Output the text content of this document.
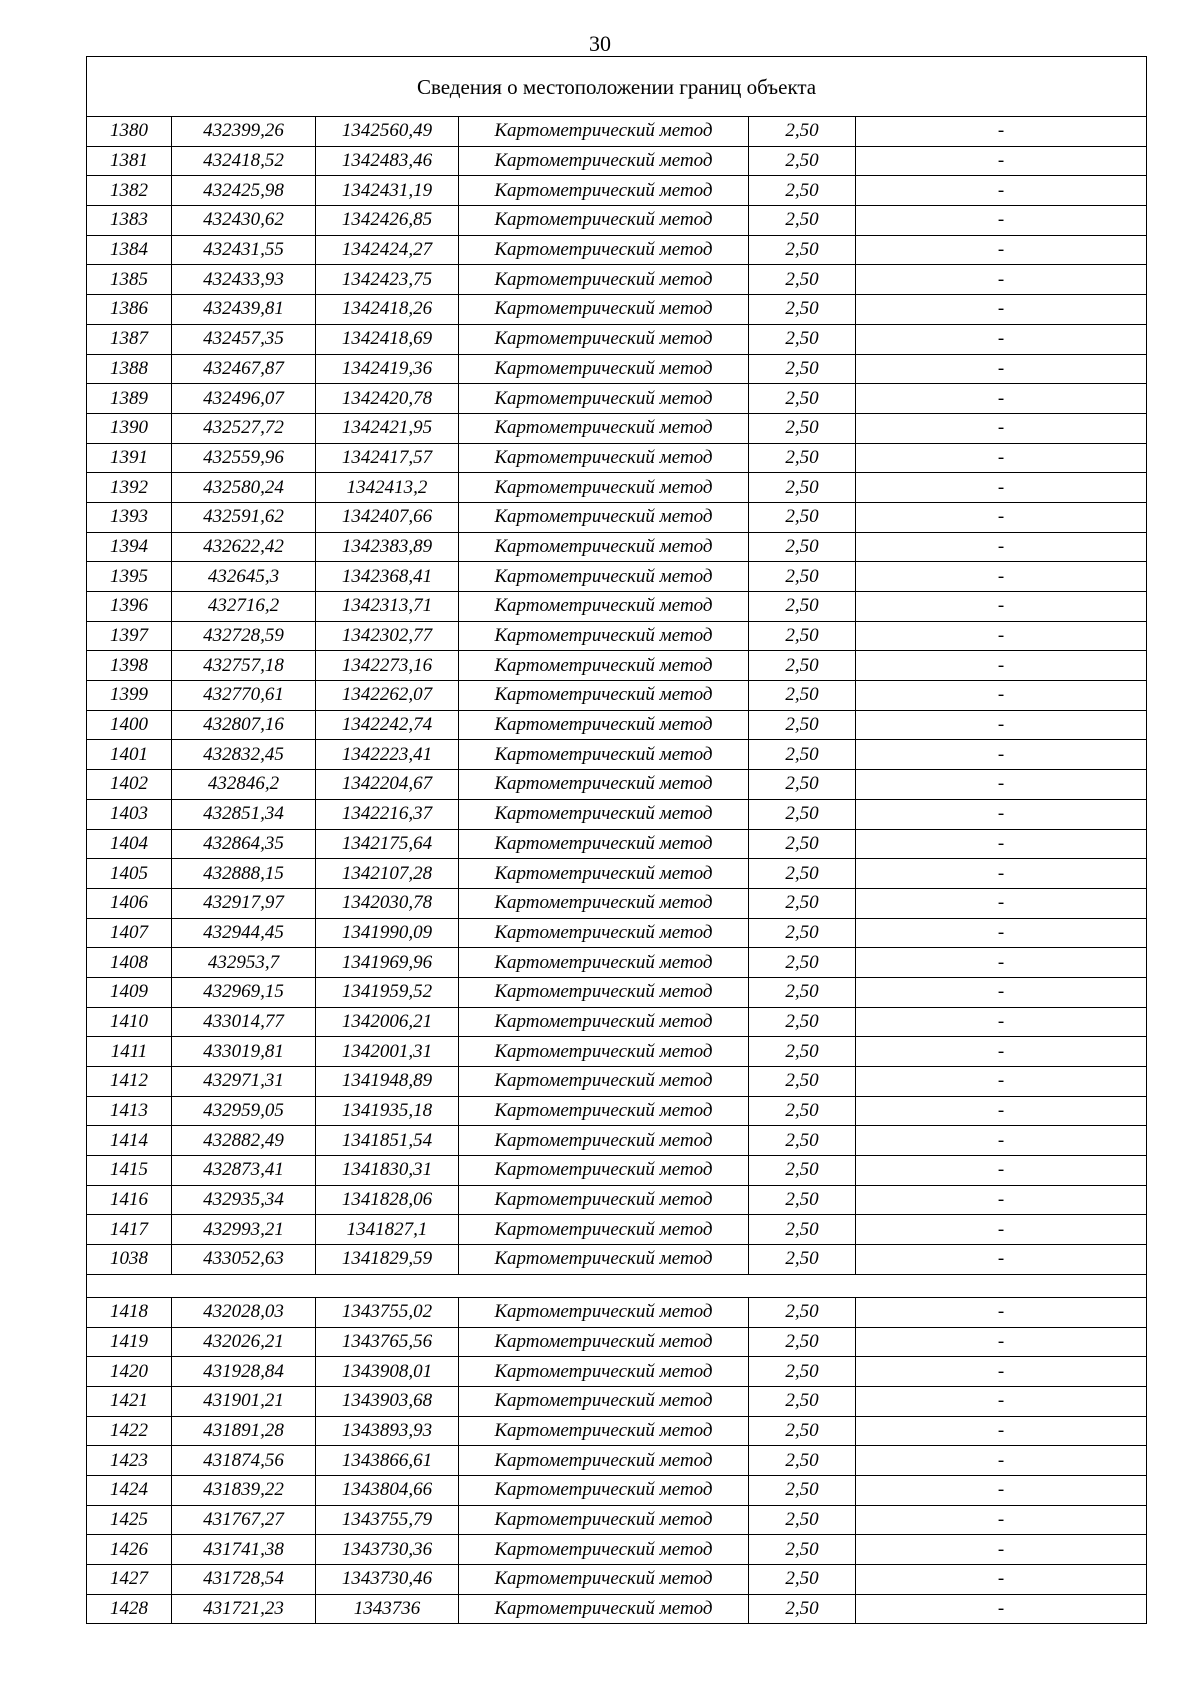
30
Сведения о местоположении границ объекта					
1380	432399,26	1342560,49	Картометрический метод	2,50	-
1381	432418,52	1342483,46	Картометрический метод	2,50	-
1382	432425,98	1342431,19	Картометрический метод	2,50	-
1383	432430,62	1342426,85	Картометрический метод	2,50	-
1384	432431,55	1342424,27	Картометрический метод	2,50	-
1385	432433,93	1342423,75	Картометрический метод	2,50	-
1386	432439,81	1342418,26	Картометрический метод	2,50	-
1387	432457,35	1342418,69	Картометрический метод	2,50	-
1388	432467,87	1342419,36	Картометрический метод	2,50	-
1389	432496,07	1342420,78	Картометрический метод	2,50	-
1390	432527,72	1342421,95	Картометрический метод	2,50	-
1391	432559,96	1342417,57	Картометрический метод	2,50	-
1392	432580,24	1342413,2	Картометрический метод	2,50	-
1393	432591,62	1342407,66	Картометрический метод	2,50	-
1394	432622,42	1342383,89	Картометрический метод	2,50	-
1395	432645,3	1342368,41	Картометрический метод	2,50	-
1396	432716,2	1342313,71	Картометрический метод	2,50	-
1397	432728,59	1342302,77	Картометрический метод	2,50	-
1398	432757,18	1342273,16	Картометрический метод	2,50	-
1399	432770,61	1342262,07	Картометрический метод	2,50	-
1400	432807,16	1342242,74	Картометрический метод	2,50	-
1401	432832,45	1342223,41	Картометрический метод	2,50	-
1402	432846,2	1342204,67	Картометрический метод	2,50	-
1403	432851,34	1342216,37	Картометрический метод	2,50	-
1404	432864,35	1342175,64	Картометрический метод	2,50	-
1405	432888,15	1342107,28	Картометрический метод	2,50	-
1406	432917,97	1342030,78	Картометрический метод	2,50	-
1407	432944,45	1341990,09	Картометрический метод	2,50	-
1408	432953,7	1341969,96	Картометрический метод	2,50	-
1409	432969,15	1341959,52	Картометрический метод	2,50	-
1410	433014,77	1342006,21	Картометрический метод	2,50	-
1411	433019,81	1342001,31	Картометрический метод	2,50	-
1412	432971,31	1341948,89	Картометрический метод	2,50	-
1413	432959,05	1341935,18	Картометрический метод	2,50	-
1414	432882,49	1341851,54	Картометрический метод	2,50	-
1415	432873,41	1341830,31	Картометрический метод	2,50	-
1416	432935,34	1341828,06	Картометрический метод	2,50	-
1417	432993,21	1341827,1	Картометрический метод	2,50	-
1038	433052,63	1341829,59	Картометрический метод	2,50	-

1418	432028,03	1343755,02	Картометрический метод	2,50	-
1419	432026,21	1343765,56	Картометрический метод	2,50	-
1420	431928,84	1343908,01	Картометрический метод	2,50	-
1421	431901,21	1343903,68	Картометрический метод	2,50	-
1422	431891,28	1343893,93	Картометрический метод	2,50	-
1423	431874,56	1343866,61	Картометрический метод	2,50	-
1424	431839,22	1343804,66	Картометрический метод	2,50	-
1425	431767,27	1343755,79	Картометрический метод	2,50	-
1426	431741,38	1343730,36	Картометрический метод	2,50	-
1427	431728,54	1343730,46	Картометрический метод	2,50	-
1428	431721,23	1343736	Картометрический метод	2,50	-
